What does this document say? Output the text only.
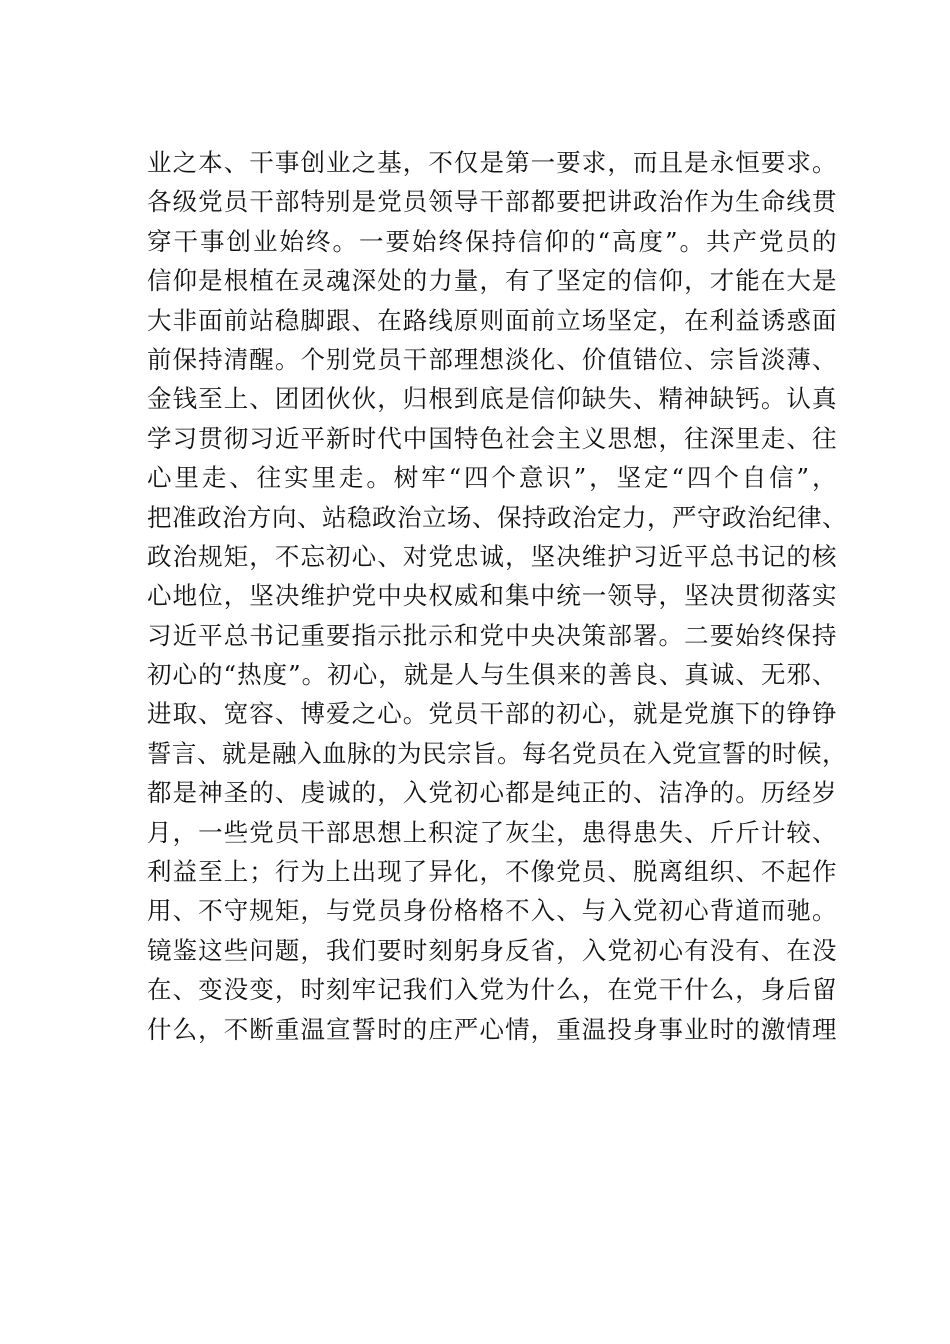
业之本、干事创业之基，不仅是第一要求，而且是永恒要求。
各级党员干部特别是党员领导干部都要把讲政治作为生命线贯
穿干事创业始终。一要始终保持信仰的“高度”。共产党员的
信仰是根植在灵魂深处的力量，有了坚定的信仰，才能在大是
大非面前站稳脚跟、在路线原则面前立场坚定，在利益诱惑面
前保持清醒。个别党员干部理想淡化、价值错位、宗旨淡薄、
金钱至上、团团伙伙，归根到底是信仰缺失、精神缺钙。认真
学习贯彻习近平新时代中国特色社会主义思想，往深里走、往
心里走、往实里走。树牢“四个意识”，坚定“四个自信”，
把准政治方向、站稳政治立场、保持政治定力，严守政治纪律、
政治规矩，不忘初心、对党忠诚，坚决维护习近平总书记的核
心地位，坚决维护党中央权威和集中统一领导，坚决贯彻落实
习近平总书记重要指示批示和党中央决策部署。二要始终保持
初心的“热度”。初心，就是人与生俱来的善良、真诚、无邪、
进取、宽容、博爱之心。党员干部的初心，就是党旗下的铮铮
誓言、就是融入血脉的为民宗旨。每名党员在入党宣誓的时候，
都是神圣的、虔诚的，入党初心都是纯正的、洁净的。历经岁
月，一些党员干部思想上积淀了灰尘，患得患失、斤斤计较、
利益至上；行为上出现了异化，不像党员、脱离组织、不起作
用、不守规矩，与党员身份格格不入、与入党初心背道而驰。
镜鉴这些问题，我们要时刻躬身反省，入党初心有没有、在没
在、变没变，时刻牢记我们入党为什么，在党干什么，身后留
什么，不断重温宣誓时的庄严心情，重温投身事业时的激情理
